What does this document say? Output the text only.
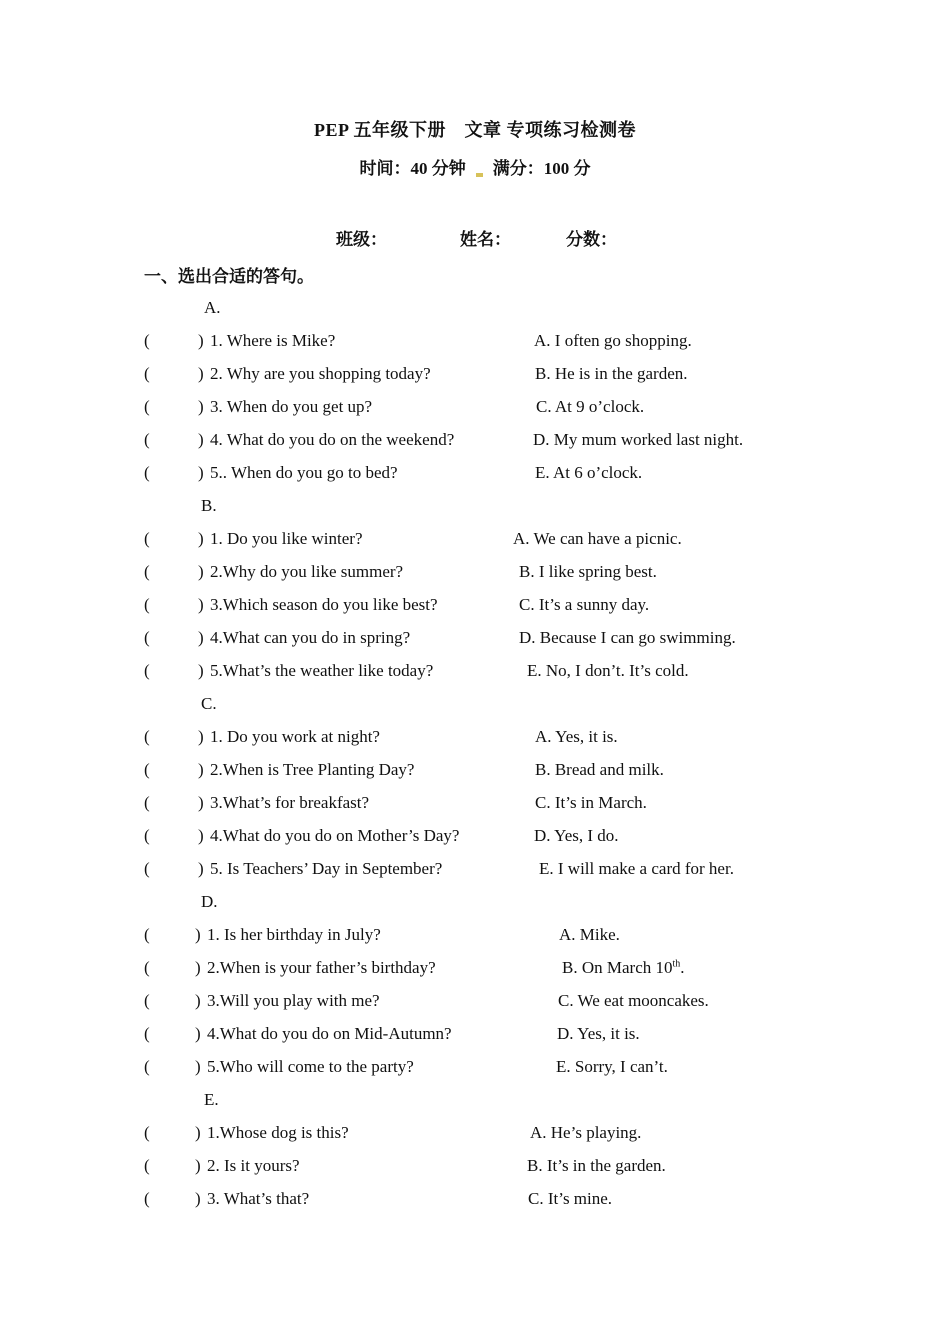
PEP 五年级下册　文章 专项练习检测卷
时间：40 分钟 满分：100 分
班级：	姓名：	分数：
一、选出合适的答句。
A.
(	) 1. Where is Mike?	A. I often go shopping.
(	) 2. Why are you shopping today?	B. He is in the garden.
(	) 3. When do you get up?	C. At 9 o’clock.
(	) 4. What do you do on the weekend?	D. My mum worked last night.
(	) 5.. When do you go to bed?	E. At 6 o’clock.
B.
(	) 1. Do you like winter?	A. We can have a picnic.
(	) 2.Why do you like summer?	B. I like spring best.
(	) 3.Which season do you like best?	C. It’s a sunny day.
(	) 4.What can you do in spring?	D. Because I can go swimming.
(	) 5.What’s the weather like today?	E. No, I don’t. It’s cold.
C.
(	) 1. Do you work at night?	A. Yes, it is.
(	) 2.When is Tree Planting Day?	B. Bread and milk.
(	) 3.What’s for breakfast?	C. It’s in March.
(	) 4.What do you do on Mother’s Day?	D. Yes, I do.
(	) 5. Is Teachers’ Day in September?	E. I will make a card for her.
D.
(	) 1. Is her birthday in July?	A. Mike.
(	) 2.When is your father’s birthday?	B. On March 10th.
(	) 3.Will you play with me?	C. We eat mooncakes.
(	) 4.What do you do on Mid-Autumn?	D. Yes, it is.
(	) 5.Who will come to the party?	E. Sorry, I can’t.
E.
(	) 1.Whose dog is this?	A. He’s playing.
(	) 2. Is it yours?	B. It’s in the garden.
(	) 3. What’s that?	C. It’s mine.
